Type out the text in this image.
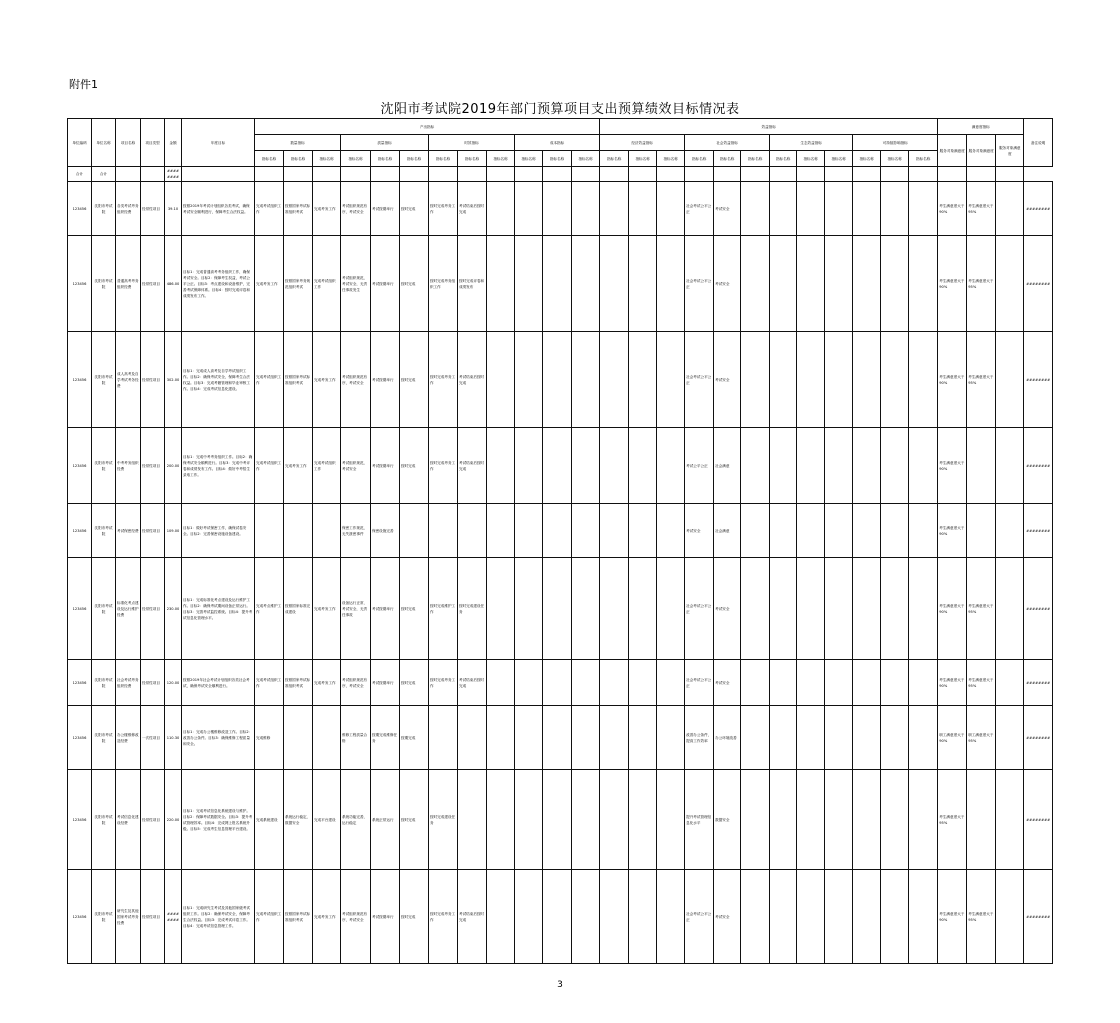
附件1
沈阳市考试院2019年部门预算项目支出预算绩效目标情况表
单位编码	单位名称	项目名称	项目类型	金额	年度目标	产出指标												效益指标												满意度指标			备注说明
						数量指标			质量指标			时效指标			成本指标			经济效益指标			社会效益指标			生态效益指标			可持续影响指标			服务对象满意度	服务对象满意度	服务对象满意度	
						指标名称	指标名称	指标名称	指标名称	指标名称	指标名称	指标名称	指标名称	指标名称	指标名称	指标名称	指标名称	指标名称	指标名称	指标名称	指标名称	指标名称	指标名称	指标名称	指标名称	指标名称	指标名称	指标名称	指标名称				
合计	合计			########																													
123456	沈阳市考试院	各类考试考务组织经费	经常性项目	39.10	按照2019年考试计划组织各类考试，确保考试安全顺利进行，保障考生合法权益。	完成考试组织工作	按照国家考试标准组织考试	完成考务工作	考试组织规范有序，考试安全	考试按期举行	按时完成	按时完成考务工作	考试结束后按时完成								社会考试公平公正	考试安全								考生满意度大于90%	考生满意度大于95%		########
123456	沈阳市考试院	普通高考考务组织经费	经常性项目	486.00	目标1：完成普通高考考务组织工作，确保考试安全。目标2：保障考生权益，考试公平公正。目标3：考点建设和设备维护，完善考试保障体系。目标4：按时完成评卷和成绩发布工作。	完成考务工作	按照国家考务规范组织考试	完成考试组织工作	考试组织规范，考试安全，无责任事故发生	考试按期举行	按时完成	按时完成考务组织工作	按时完成评卷和成绩发布								社会考试公平公正	考试安全								考生满意度大于90%	考生满意度大于95%		########
123456	沈阳市考试院	成人高考及自学考试考务经费	经常性项目	302.00	目标1：完成成人高考及自学考试组织工作。目标2：确保考试安全，保障考生合法权益。目标3：完成考籍管理和毕业审核工作。目标4：完成考试信息化建设。	完成考试组织工作	按照国家考试标准组织考试	完成考务工作	考试组织规范有序，考试安全	考试按期举行	按时完成	按时完成考务工作	考试结束后按时完成								社会考试公平公正	考试安全								考生满意度大于90%	考生满意度大于95%		########
123456	沈阳市考试院	中考考务组织经费	经常性项目	200.00	目标1：完成中考考务组织工作。目标2：确保考试安全顺利进行。目标3：完成中考评卷和成绩发布工作。目标4：做好中考招生录取工作。	完成考试组织工作	完成考务工作	完成考试组织工作	考试组织规范，考试安全	考试按期举行	按时完成	按时完成考务工作	考试结束后按时完成								考试公平公正	社会满意								考生满意度大于90%			########
123456	沈阳市考试院	考试保密经费	经常性项目	109.00	目标1：做好考试保密工作，确保试卷安全。目标2：完善保密设施设备建设。				保密工作规范，无失泄密事件	保密设施完善											考试安全	社会满意								考生满意度大于90%			########
123456	沈阳市考试院	标准化考点建设及运行维护经费	经常性项目	230.00	目标1：完成标准化考点建设及运行维护工作。目标2：确保考试期间设备正常运行。目标3：完善考试监控系统。目标4：提升考试信息化管理水平。	完成考点维护工作	按照国家标准完成建设	完成考务工作	设备运行正常，考试安全，无责任事故	考试按期举行	按时完成	按时完成维护工作	按时完成建设任务								社会考试公平公正	考试安全								考生满意度大于90%	考生满意度大于95%		########
123456	沈阳市考试院	社会考试考务组织经费	经常性项目	120.00	按照2019年社会考试计划组织各类社会考试，确保考试安全顺利进行。	完成考试组织工作	按照国家考试标准组织考试	完成考务工作	考试组织规范有序，考试安全	考试按期举行	按时完成	按时完成考务工作	考试结束后按时完成								社会考试公平公正	考试安全								考生满意度大于90%	考生满意度大于95%		########
123456	沈阳市考试院	办公楼维修改造经费	一次性项目	110.30	目标1：完成办公楼维修改造工作。目标2：改善办公条件。目标3：确保维修工程质量和安全。	完成维修			维修工程质量合格	按期完成维修任务	按期完成										改善办公条件，提高工作效率	办公环境改善								职工满意度大于90%	职工满意度大于95%		########
123456	沈阳市考试院	考试信息化建设经费	经常性项目	220.00	目标1：完成考试信息化系统建设与维护。目标2：保障考试数据安全。目标3：提升考试管理效率。目标4：完成网上报名系统升级。目标5：完成考生信息管理平台建设。	完成系统建设	系统运行稳定，数据安全	完成平台建设	系统功能完善，运行稳定	系统正常运行	按时完成	按时完成建设任务									提升考试管理信息化水平	数据安全								考生满意度大于95%			########
123456	沈阳市考试院	研究生及其他国家考试考务经费	经常性项目	########	目标1：完成研究生考试及其他国家级考试组织工作。目标2：确保考试安全，保障考生合法权益。目标3：完成考试评卷工作。目标4：完成考试信息管理工作。	完成考试组织工作	按照国家考试标准组织考试	完成考务工作	考试组织规范有序，考试安全	考试按期举行	按时完成	按时完成考务工作	考试结束后按时完成								社会考试公平公正	考试安全								考生满意度大于90%	考生满意度大于95%		########
3
